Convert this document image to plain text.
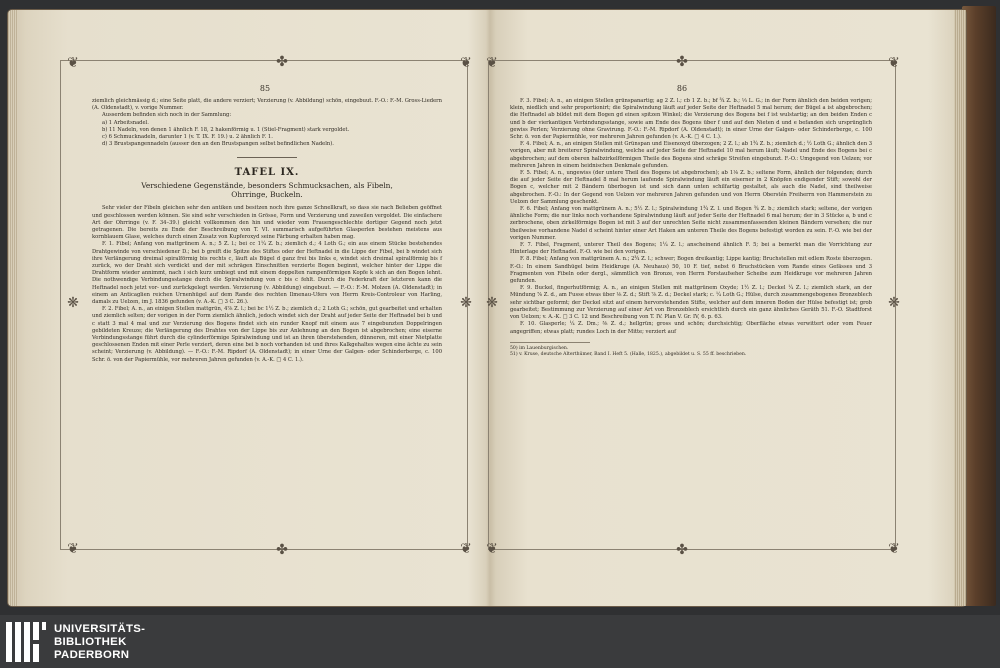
❦	✤	❦ ❦	✤	❦
❋	❋ ❋	❋
❦	✤	❦ ❦	✤	❦
85	86

ziemlich gleichmässig d.; eine Seite platt, die andere verziert; Verzierung (v. Abbildung) schön, eingebuut. F.-O.: F.-M. Gross-Liedern (A. Oldenstadt), v. vorige Nummer.

Ausserdem befinden sich noch in der Sammlung:

a) 1 Arbeitsnadel.

b) 11 Nadeln, von denen 1 ähnlich F. 18, 2 hakenförmig u. 1 (Stiel-Fragment) stark vergoldet.

c) 6 Schmucknadeln, darunter 1 (v. T. IX. F. 19.) u. 2 ähnlich F. 1.

d) 3 Brustspangennadeln (ausser den an den Brustspangen selbst befindlichen Nadeln).

TAFEL IX.
Verschiedene Gegenstände, besonders Schmucksachen, als Fibeln,
Ohrringe, Buckeln.

Sehr vieler der Fibeln gleichen sehr den antiken und besitzen noch ihre ganze Schnellkraft, so dass sie nach Belieben geöffnet und geschlossen werden können. Sie sind sehr verschieden in Grösse, Form und Verzierung und zuweilen vergoldet. Die einfachere Art der Ohrringe (v. F. 34–39.) gleicht vollkommen den hin und wieder vom Frauengeschlechte dortiger Gegend noch jetzt getragenen. Die bereits zu Ende der Beschreibung von T. VI. summarisch aufgeführten Glasperlen bestehen meistens aus kornblauem Glase, welches durch einen Zusatz von Kupferoxyd seine Färbung erhalten haben mag.

F. 1. Fibel; Anfang von mattgrünem A. n.; 5 Z. l.; bei cc 1¼ Z. b.; ziemlich d.; 4 Loth G.; ein aus einem Stücke bestehendes Drahtgewinde von verschiedener D.; bei b greift die Spitze des Stiftes oder der Heftnadel in die Lippe der Fibel, bei b windet sich ihre Verlängerung dreimal spiralförmig bis rechts c, läuft als Bügel d ganz frei bis links e, windet sich dreimal spiralförmig bis f zurück, wo der Draht sich verdickt und der mit schrägen Einschnitten verzierte Bogen beginnt, welcher hinter der Lippe die Drahtform wieder annimmt, nach i sich kurz umbiegt und mit einem doppelten rampenförmigen Kopfe k sich an den Bogen lehnt. Die nothwendige Verbindungsstange durch die Spiralwindung von c bis c fehlt. Durch die Federkraft der letzteren kann die Heftnadel noch jetzt vor- und zurückgelegt werden. Verzierung (v. Abbildung) eingebuut. — F.-O.: F.-M. Molzen (A. Oldenstadt); in einem an Anticaglien reichen Urnenhügel auf dem Rande des rechten Ilmenau-Ufers von Herrn Kreis-Controleur von Harling, damals zu Uelzen, im J. 1836 gefunden (v. A.-K. □ 3 C. 26.).

F. 2. Fibel; A. n., an einigen Stellen mattgrün, 4⅞ Z. l.; bei bc 1½ Z. b.; ziemlich d.; 2 Loth G.; schön, gut gearbeitet und erhalten und ziemlich selten; der vorigen in der Form ziemlich ähnlich, jedoch windet sich der Draht auf jeder Seite der Heftnadel bei b und c statt 3 mal 4 mal und zur Verzierung des Bogens findet sich ein runder Knopf mit einem aus 7 eingebunzten Doppelringen gebildeten Kreuze; die Verlängerung des Drahtes von der Lippe bis zur Anlehnung an den Bogen ist abgebrochen; eine eiserne Verbindungsstange führt durch die cylinderförmige Spiralwindung und ist an ihren überstehenden, dünneren, mit einer Nietplatte geschlossenen Enden mit einer Perle verziert, deren eine bei b noch vorhanden ist und ihres Kalkgehaltes wegen eine ächte zu sein scheint; Verzierung (v. Abbildung). — F.-O.: F.-M. Ripdorf (A. Oldenstadt); in einer Urne der Galgen- oder Schinderberge, c. 100 Schr. ö. von der Papiermühle, vor mehreren Jahren gefunden (v. A.-K. □ 4 C. 1.).

F. 3. Fibel; A. n., an einigen Stellen grünspanartig; ag 2 Z. l.; cb 1 Z. b.; bf ¾ Z. b.; ⅓ L. G.; in der Form ähnlich den beiden vorigen; klein, niedlich und sehr proportionirt; die Spiralwindung läuft auf jeder Seite der Heftnadel 5 mal herum; der Bügel a ist abgebrochen; die Heftnadel ab bildet mit dem Bogen gd einen spitzen Winkel; die Verzierung des Bogens bei f ist wulstartig; an den beiden Enden c und b der vierkantigen Verbindungsstange, sowie am Ende des Bogens über f und auf den Nieten d und e befanden sich ursprünglich gewiss Perlen; Verzierung ohne Gravirung. F.-O.: F.-M. Ripdorf (A. Oldenstadt); in einer Urne der Galgen- oder Schinderberge, c. 100 Schr. ö. von der Papiermühle, vor mehreren Jahren gefunden (v. A.-K. □ 4 C. 1.).

F. 4. Fibel; A. n., an einigen Stellen mit Grünspan und Eisenoxyd überzogen; 2 Z. l.; ab 1¾ Z. b.; ziemlich d.; ½ Loth G.; ähnlich den 3 vorigen, aber mit breiterer Spiralwindung, welche auf jeder Seite der Heftnadel 10 mal herum läuft; Nadel und Ende des Bogens bei c abgebrochen; auf dem oberen halbzirkelförmigen Theile des Bogens sind schräge Streifen eingebunzt. F.-O.: Umgegend von Uelzen; vor mehreren Jahren in einem heidnischen Denkmale gefunden.

F. 5. Fibel; A. n., ungewiss (der untere Theil des Bogens ist abgebrochen); ab 1⅛ Z. b.; seltene Form, ähnlich der folgenden; durch die auf jeder Seite der Heftnadel 8 mal herum laufende Spiralwindung läuft ein eiserner in 2 Knöpfen endigender Stift; sowohl der Bogen c, welcher mit 2 Bändern überbogen ist und sich dann unten schilfartig gestaltet, als auch die Nadel, sind theilweise abgebrochen. F.-O.: In der Gegend von Uelzen vor mehreren Jahren gefunden und von Herrn Oberstén Freiherrn von Hammerstein zu Uelzen der Sammlung geschenkt.

F. 6. Fibel; Anfang von mattgrünem A. n.; 5½ Z. l.; Spiralwindung 1¾ Z. l. und Bogen ¾ Z. b.; ziemlich stark; seltene, der vorigen ähnliche Form; die nur links noch vorhandene Spiralwindung läuft auf jeder Seite der Heftnadel 6 mal herum; der in 3 Stücke a, b und c zerbrochene, oben zirkelförmige Bogen ist mit 3 auf der unrechten Seite nicht zusammenfassenden kleinen Bändern versehen; die nur theilweise vorhandene Nadel d scheint hinter einer Art Haken am unteren Theile des Bogens befestigt worden zu sein. F.-O. wie bei der vorigen Nummer.

F. 7. Fibel, Fragment, unterer Theil des Bogens; 1¼ Z. l.; anscheinend ähnlich F. 5; bei a bemerkt man die Vorrichtung zur Hinterlage der Heftnadel. F.-O. wie bei den vorigen.

F. 8. Fibel; Anfang von mattgrünem A. n.; 2¾ Z. l.; schwer; Bogen dreikantig; Lippe kantig; Bruchstellen mit edlem Roste überzogen. F.-O.: In einem Sandhügel beim Heidkruge (A. Neuhaus) 50, 10 F. tief, nebst 6 Bruchstücken vom Rande eines Gefässes und 3 Fragmenten von Fibeln oder dergl., sämmtlich von Bronze, von Herrn Forstaufseher Scheibe zum Heidkruge vor mehreren Jahren gefunden.

F. 9. Buckel, fingerhutförmig; A. n., an einigen Stellen mit mattgrünem Oxyde; 1½ Z. l.; Deckel ¼ Z. l.; ziemlich stark, an der Mündung ⅞ Z. d., am Fusse etwas über ⅛ Z. d.; Stift ⅞ Z. d.; Deckel stark; c. ¼ Loth G.; Hülse, durch zusammengebogenes Bronzeblech sehr sichtbar geformt; der Deckel sitzt auf einem hervorstehenden Stifte, welcher auf dem inneren Boden der Hülse befestigt ist; grob gearbeitet; Bestimmung zur Verzierung auf einer Art von Bronzeblech ersichtlich durch ein ganz ähnliches Geräth 51. F.-O. Stadtforst von Uelzen; v. A.-K. □ 3 C. 12 und Beschreibung von T. IV. Plan V. Gr. IV, 6. p. 63.

F. 10. Glasperle; ¼ Z. Dm.; ⅜ Z. d.; hellgrün; gross und schön; durchsichtig; Oberfläche etwas verwittert oder vom Feuer angegriffen; etwas platt; rundes Loch in der Mitte; verziert auf

50) im Lauenburgischen.

51) v. Kruse, deutsche Alterthümer, Band I. Heft 5. (Halle, 1825.), abgebildet u. S. 55 ff. beschrieben.

UNIVERSITÄTS-
BIBLIOTHEK
PADERBORN
